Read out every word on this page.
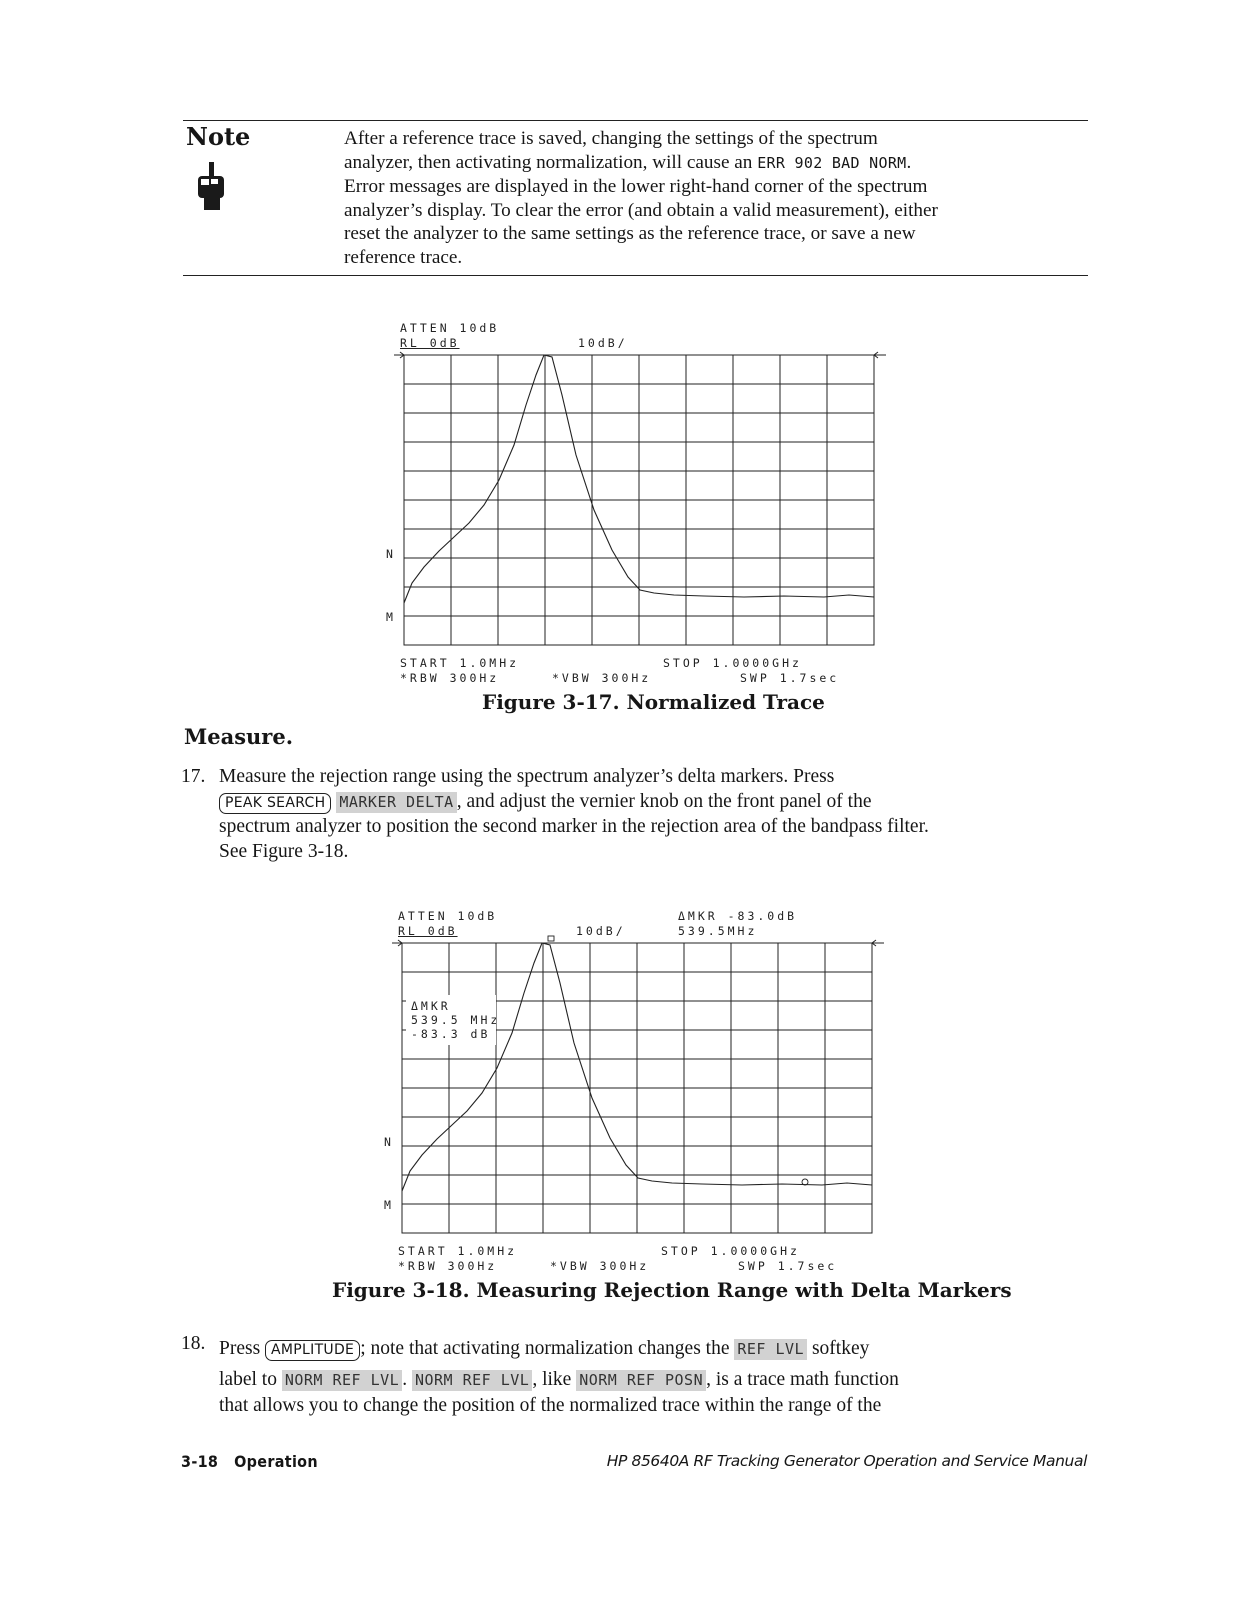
Note	After a reference trace is saved, changing the settings of the spectrum
analyzer, then activating normalization, will cause an ERR 902 BAD NORM.
Error messages are displayed in the lower right-hand corner of the spectrum
analyzer’s display. To clear the error (and obtain a valid measurement), either
reset the analyzer to the same settings as the reference trace, or save a new
reference trace.
ATTEN 10dB
RL 0dB	10dB/
N
M
START 1.0MHz	STOP 1.0000GHz
*RBW 300Hz	*VBW 300Hz	SWP 1.7sec
Figure 3-17. Normalized Trace
Measure.
17. Measure the rejection range using the spectrum analyzer’s delta markers. Press
PEAK SEARCH MARKER DELTA , and adjust the vernier knob on the front panel of the
spectrum analyzer to position the second marker in the rejection area of the bandpass filter.
See Figure 3-18.
ATTEN 10dB
RL 0dB	10dB/
ΔMKR -83.0dB
539.5MHz
ΔMKR
539.5 MHz
-83.3 dB
N
M
START 1.0MHz	STOP 1.0000GHz
*RBW 300Hz	*VBW 300Hz	SWP 1.7sec
Figure 3-18. Measuring Rejection Range with Delta Markers
18. Press AMPLITUDE ; note that activating normalization changes the REF LVL softkey
label to NORM REF LVL . NORM REF LVL , like NORM REF POSN , is a trace math function
that allows you to change the position of the normalized trace within the range of the
3-18   Operation	HP 85640A RF Tracking Generator Operation and Service Manual
